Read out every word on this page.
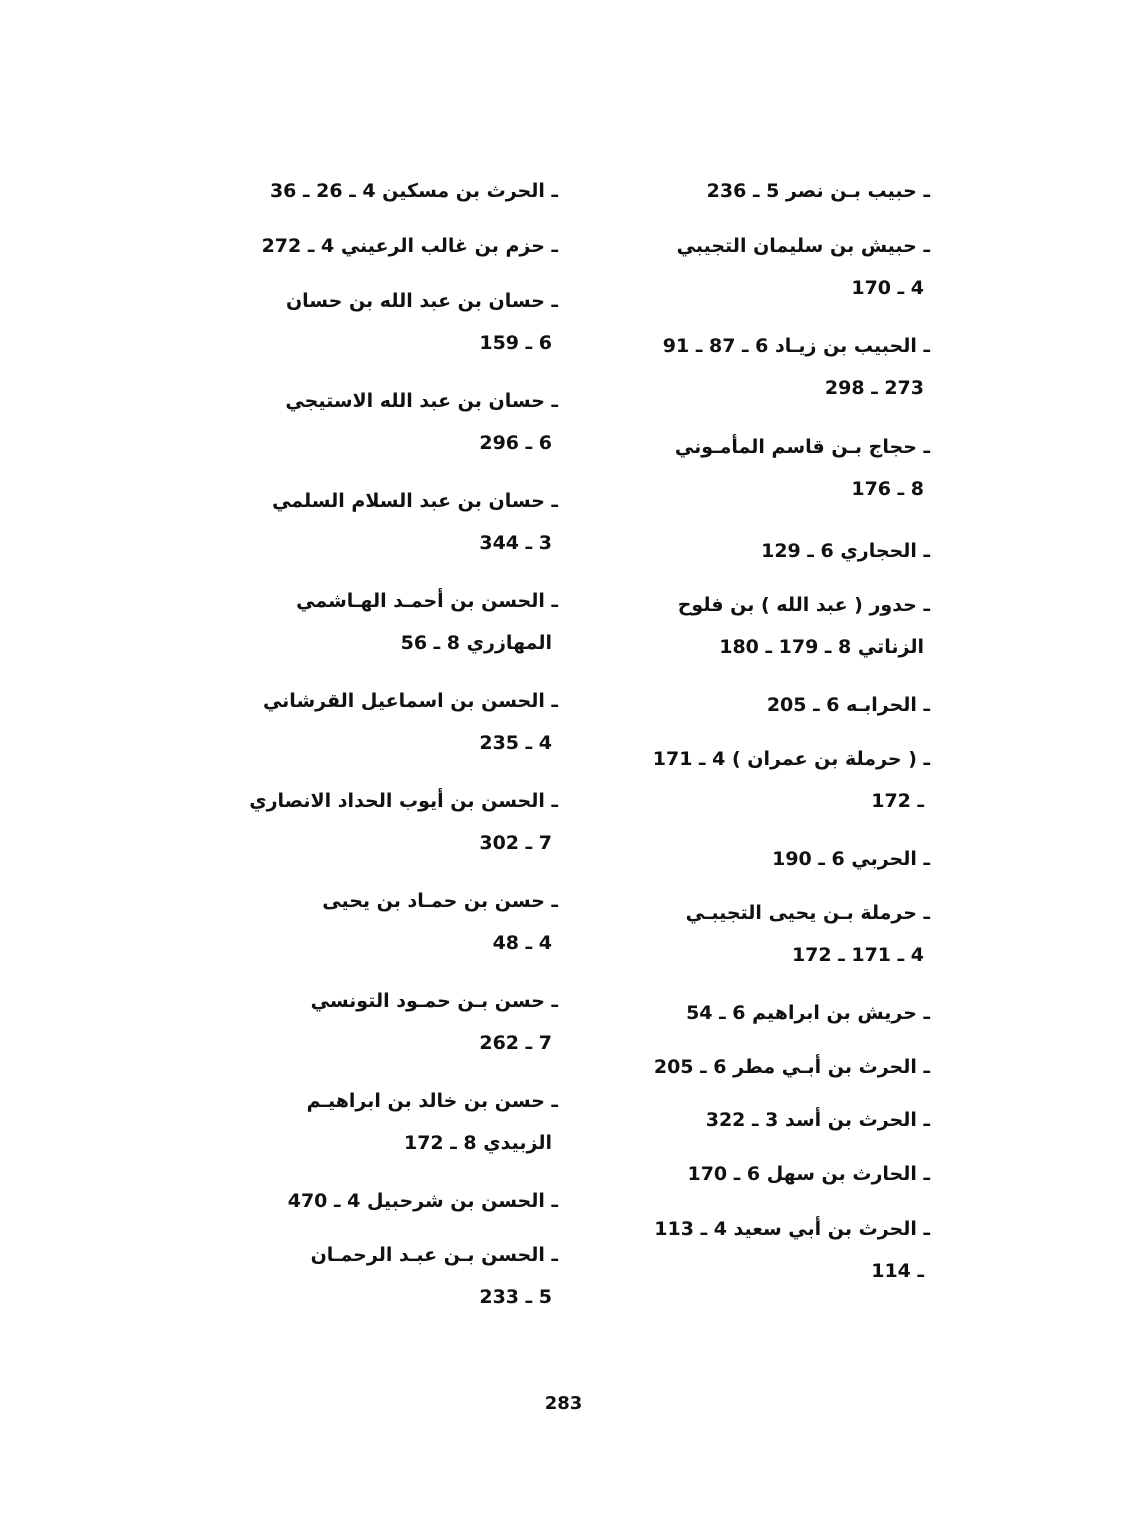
ـ حبيب بـن نصر 5 ـ 236
ـ حبيش بن سليمان التجيبي
4 ـ 170
ـ الحبيب بن زيـاد 6 ـ 87 ـ 91
273 ـ 298
ـ حجاج بـن قاسم المأمـوني
8 ـ 176
ـ الحجاري 6 ـ 129
ـ حدور ( عبد الله ) بن فلوح
الزناتي 8 ـ 179 ـ 180
ـ الحرابـه 6 ـ 205
ـ ( حرملة بن عمران ) 4 ـ 171
ـ 172
ـ الحربي 6 ـ 190
ـ حرملة بـن يحيى التجيبـي
4 ـ 171 ـ 172
ـ حريش بن ابراهيم 6 ـ 54
ـ الحرث بن أبـي مطر 6 ـ 205
ـ الحرث بن أسد 3 ـ 322
ـ الحارث بن سهل 6 ـ 170
ـ الحرث بن أبي سعيد 4 ـ 113
ـ 114
ـ الحرث بن مسكين 4 ـ 26 ـ 36
ـ حزم بن غالب الرعيني 4 ـ 272
ـ حسان بن عبد الله بن حسان
6 ـ 159
ـ حسان بن عبد الله الاستيجي
6 ـ 296
ـ حسان بن عبد السلام السلمي
3 ـ 344
ـ الحسن بن أحمـد الهـاشمي
المهازري 8 ـ 56
ـ الحسن بن اسماعيل القرشاني
4 ـ 235
ـ الحسن بن أيوب الحداد الانصاري
7 ـ 302
ـ حسن بن حمـاد بن يحيى
4 ـ 48
ـ حسن بـن حمـود التونسي
7 ـ 262
ـ حسن بن خالد بن ابراهيـم
الزبيدي 8 ـ 172
ـ الحسن بن شرحبيل 4 ـ 470
ـ الحسن بـن عبـد الرحمـان
5 ـ 233
283
